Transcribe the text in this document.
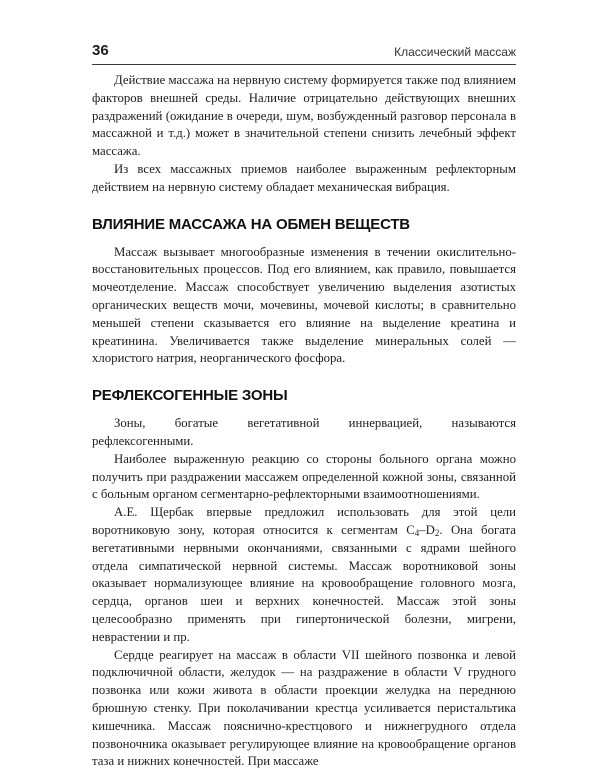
36	Классический массаж

Действие массажа на нервную систему формируется также под влиянием факторов внешней среды. Наличие отрицательно действующих внешних раздражений (ожидание в очереди, шум, возбужденный разговор персонала в массажной и т.д.) может в значительной степени снизить лечебный эффект массажа.

Из всех массажных приемов наиболее выраженным рефлекторным действием на нервную систему обладает механическая вибрация.

ВЛИЯНИЕ МАССАЖА НА ОБМЕН ВЕЩЕСТВ

Массаж вызывает многообразные изменения в течении окислительно-восстановительных процессов. Под его влиянием, как правило, повышается мочеотделение. Массаж способствует увеличению выделения азотистых органических веществ мочи, мочевины, мочевой кислоты; в сравнительно меньшей степени сказывается его влияние на выделение креатина и креатинина. Увеличивается также выделение минеральных солей — хлористого натрия, неорганического фосфора.

РЕФЛЕКСОГЕННЫЕ ЗОНЫ

Зоны, богатые вегетативной иннервацией, называются рефлексогенными.

Наиболее выраженную реакцию со стороны больного органа можно получить при раздражении массажем определенной кожной зоны, связанной с больным органом сегментарно-рефлекторными взаимоотношениями.

А.Е. Щербак впервые предложил использовать для этой цели воротниковую зону, которая относится к сегментам $С_4-D_2$. Она богата вегетативными нервными окончаниями, связанными с ядрами шейного отдела симпатической нервной системы. Массаж воротниковой зоны оказывает нормализующее влияние на кровообращение головного мозга, сердца, органов шеи и верхних конечностей. Массаж этой зоны целесообразно применять при гипертонической болезни, мигрени, неврастении и пр.

Сердце реагирует на массаж в области VII шейного позвонка и левой подключичной области, желудок — на раздражение в области V грудного позвонка или кожи живота в области проекции желудка на переднюю брюшную стенку. При поколачивании крестца усиливается перистальтика кишечника. Массаж пояснично-крестцового и нижнегрудного отдела позвоночника оказывает регулирующее влияние на кровообращение органов таза и нижних конечностей. При массаже
